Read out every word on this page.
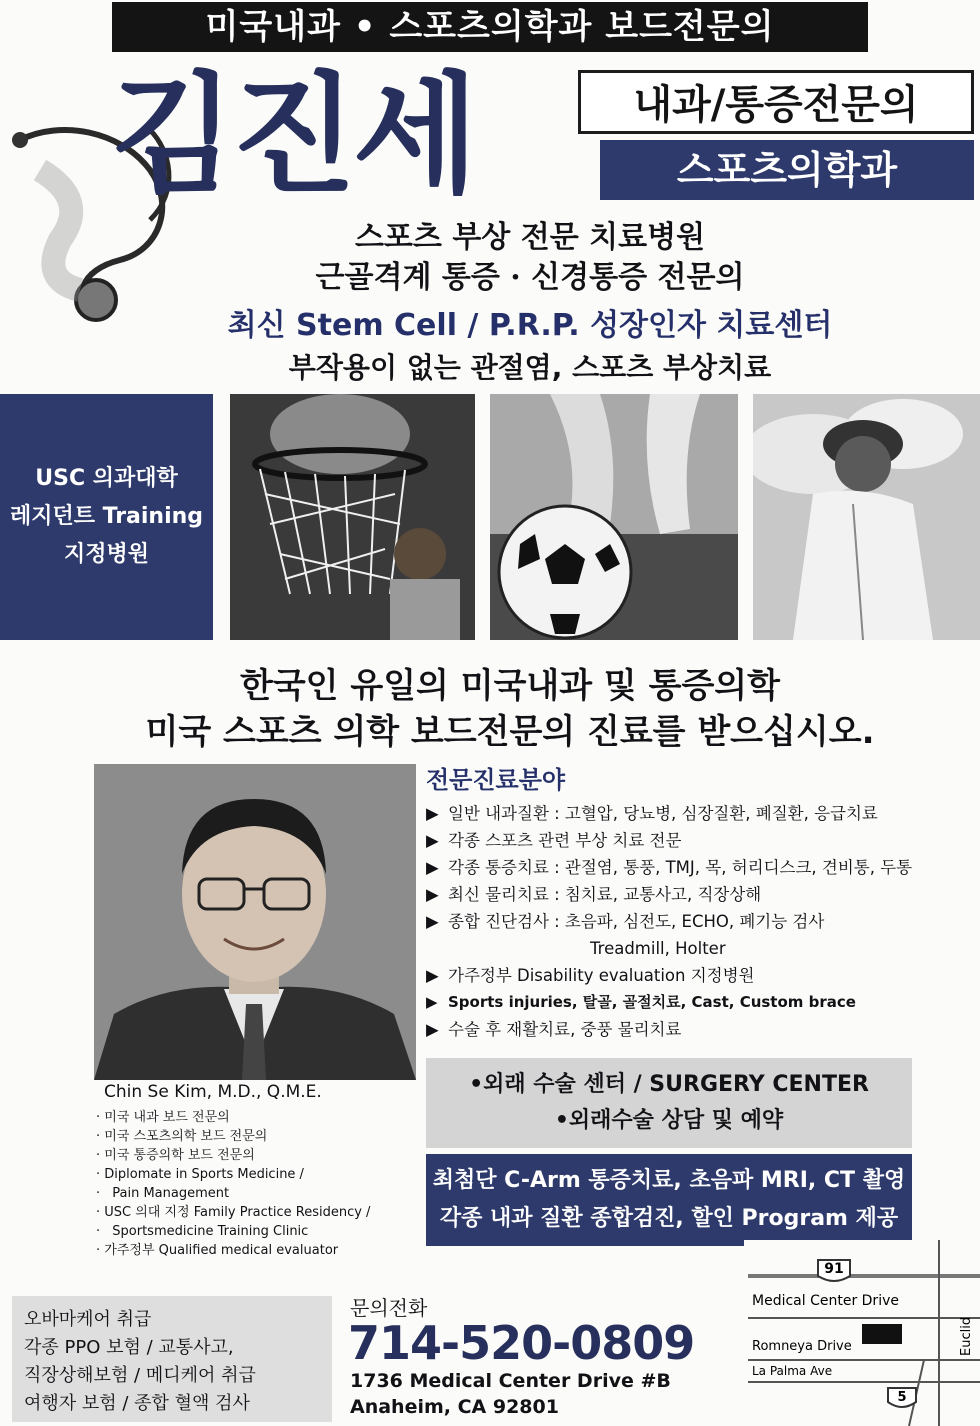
미국내과 • 스포츠의학과 보드전문의
김진세	내과/통증전문의
스포츠의학과
스포츠 부상 전문 치료병원
근골격계 통증 · 신경통증 전문의
최신 Stem Cell / P.R.P. 성장인자 치료센터
부작용이 없는 관절염, 스포츠 부상치료
USC 의과대학
레지던트 Training
지정병원
한국인 유일의 미국내과 및 통증의학
미국 스포츠 의학 보드전문의 진료를 받으십시오.
Chin Se Kim, M.D., Q.M.E.
· 미국 내과 보드 전문의
· 미국 스포츠의학 보드 전문의
· 미국 통증의학 보드 전문의
· Diplomate in Sports Medicine /
· Pain Management
· USC 의대 지정 Family Practice Residency /
· Sportsmedicine Training Clinic
· 가주정부 Qualified medical evaluator
전문진료분야
▶ 일반 내과질환 : 고혈압, 당뇨병, 심장질환, 폐질환, 응급치료
▶ 각종 스포츠 관련 부상 치료 전문
▶ 각종 통증치료 : 관절염, 통풍, TMJ, 목, 허리디스크, 견비통, 두통
▶ 최신 물리치료 : 침치료, 교통사고, 직장상해
▶ 종합 진단검사 : 초음파, 심전도, ECHO, 폐기능 검사
Treadmill, Holter
▶ 가주정부 Disability evaluation 지정병원
▶ Sports injuries, 탈골, 골절치료, Cast, Custom brace
▶ 수술 후 재활치료, 중풍 물리치료
•외래 수술 센터 / SURGERY CENTER
•외래수술 상담 및 예약
최첨단 C-Arm 통증치료, 초음파 MRI, CT 촬영
각종 내과 질환 종합검진, 할인 Program 제공
오바마케어 취급
각종 PPO 보험 / 교통사고,
직장상해보험 / 메디케어 취급
여행자 보험 / 종합 혈액 검사
문의전화
714-520-0809
1736 Medical Center Drive #B
Anaheim, CA 92801
91
Medical Center Drive
Romneya Drive
La Palma Ave
Euclid
5
